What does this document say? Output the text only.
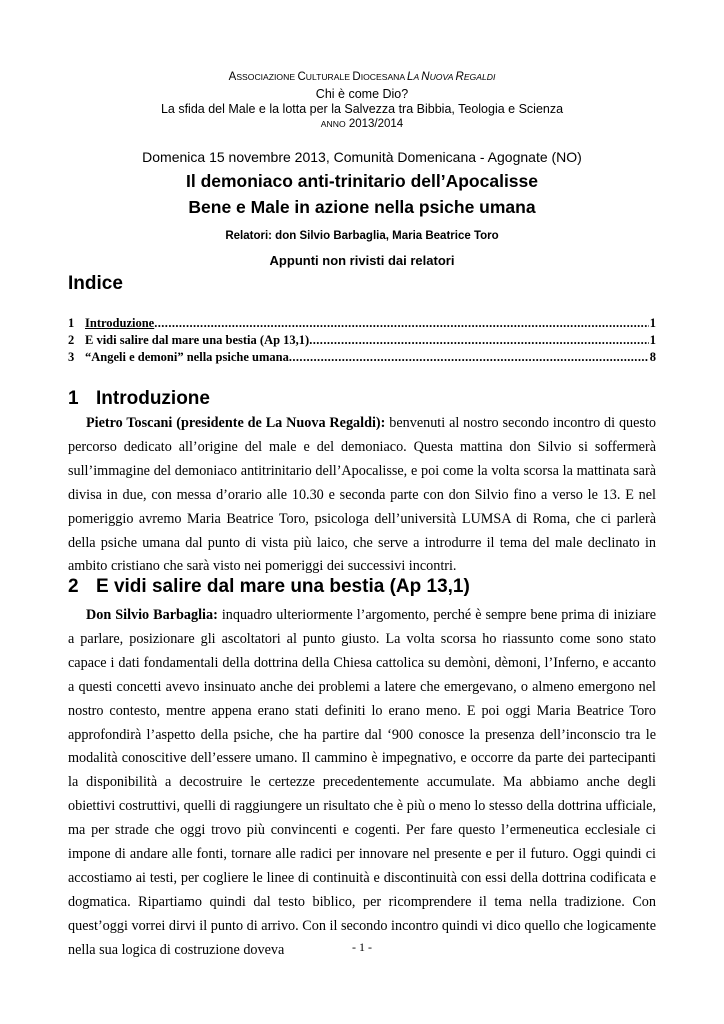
ASSOCIAZIONE CULTURALE DIOCESANA LA NUOVA REGALDI
Chi è come Dio?
La sfida del Male e la lotta per la Salvezza tra Bibbia, Teologia e Scienza
ANNO 2013/2014
Domenica 15 novembre 2013, Comunità Domenicana - Agognate (NO)
Il demoniaco anti-trinitario dell’Apocalisse
Bene e Male in azione nella psiche umana
Relatori: don Silvio Barbaglia, Maria Beatrice Toro
Appunti non rivisti dai relatori
Indice
1 Introduzione .....	1
2 E vidi salire dal mare una bestia (Ap 13,1) .....	1
3 “Angeli e demoni” nella psiche umana .....	8
1 Introduzione

Pietro Toscani (presidente de La Nuova Regaldi): benvenuti al nostro secondo incontro di questo percorso dedicato all’origine del male e del demoniaco. Questa mattina don Silvio si soffermerà sull’immagine del demoniaco antitrinitario dell’Apocalisse, e poi come la volta scorsa la mattinata sarà divisa in due, con messa d’orario alle 10.30 e seconda parte con don Silvio fino a verso le 13. E nel pomeriggio avremo Maria Beatrice Toro, psicologa dell’università LUMSA di Roma, che ci parlerà della psiche umana dal punto di vista più laico, che serve a introdurre il tema del male declinato in ambito cristiano che sarà visto nei pomeriggi dei successivi incontri.

2 E vidi salire dal mare una bestia (Ap 13,1)

Don Silvio Barbaglia: inquadro ulteriormente l’argomento, perché è sempre bene prima di iniziare a parlare, posizionare gli ascoltatori al punto giusto. La volta scorsa ho riassunto come sono stato capace i dati fondamentali della dottrina della Chiesa cattolica su demòni, dèmoni, l’Inferno, e accanto a questi concetti avevo insinuato anche dei problemi a latere che emergevano, o almeno emergono nel nostro contesto, mentre appena erano stati definiti lo erano meno. E poi oggi Maria Beatrice Toro approfondirà l’aspetto della psiche, che ha partire dal ‘900 conosce la presenza dell’inconscio tra le modalità conoscitive dell’essere umano. Il cammino è impegnativo, e occorre da parte dei partecipanti la disponibilità a decostruire le certezze precedentemente accumulate. Ma abbiamo anche degli obiettivi costruttivi, quelli di raggiungere un risultato che è più o meno lo stesso della dottrina ufficiale, ma per strade che oggi trovo più convincenti e cogenti. Per fare questo l’ermeneutica ecclesiale ci impone di andare alle fonti, tornare alle radici per innovare nel presente e per il futuro. Oggi quindi ci accostiamo ai testi, per cogliere le linee di continuità e discontinuità con essi della dottrina codificata e dogmatica. Ripartiamo quindi dal testo biblico, per ricomprendere il tema nella tradizione. Con quest’oggi vorrei dirvi il punto di arrivo. Con il secondo incontro quindi vi dico quello che logicamente nella sua logica di costruzione doveva	- 1 -
